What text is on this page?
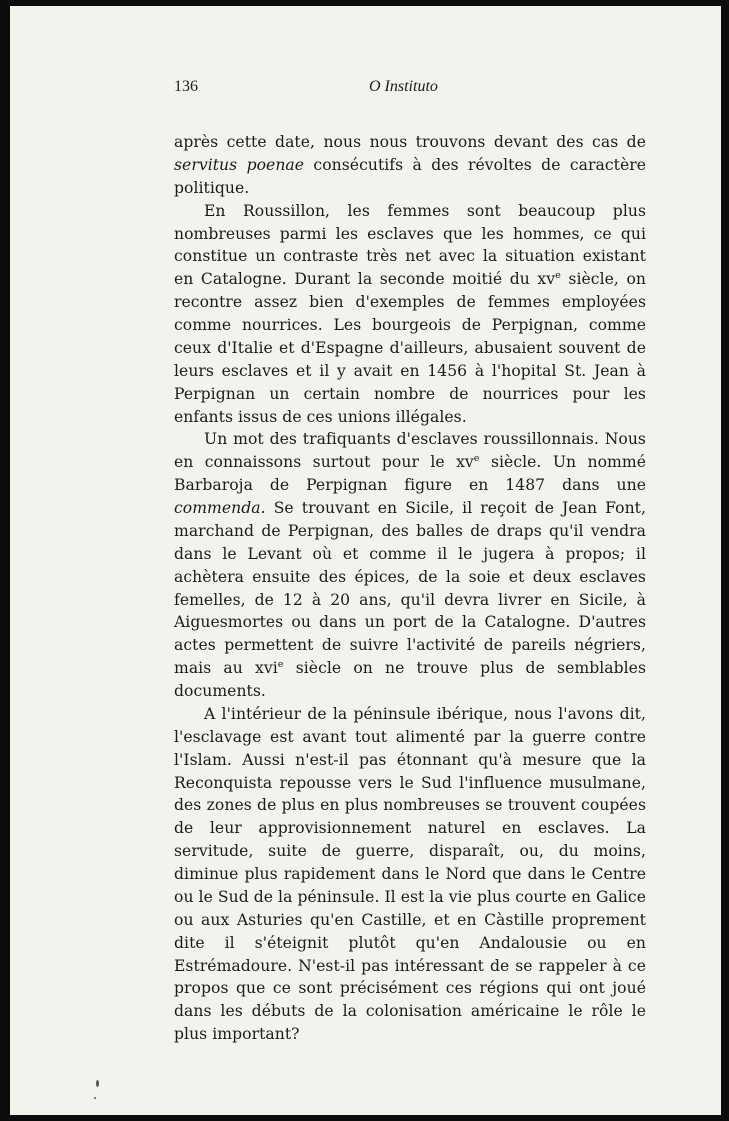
136	O Instituto

après cette date, nous nous trouvons devant des cas de servitus poenae consécutifs à des révoltes de caractère politique.

En Roussillon, les femmes sont beaucoup plus nombreuses parmi les esclaves que les hommes, ce qui constitue un contraste très net avec la situation existant en Catalogne. Durant la seconde moitié du $xv^e$ siècle, on recontre assez bien d'exemples de femmes employées comme nourrices. Les bourgeois de Perpignan, comme ceux d'Italie et d'Espagne d'ailleurs, abusaient souvent de leurs esclaves et il y avait en 1456 à l'hopital St. Jean à Perpignan un certain nombre de nourrices pour les enfants issus de ces unions illégales.

Un mot des trafiquants d'esclaves roussillonnais. Nous en connaissons surtout pour le $xv^e$ siècle. Un nommé Barbaroja de Perpignan figure en 1487 dans une commenda. Se trouvant en Sicile, il reçoit de Jean Font, marchand de Perpignan, des balles de draps qu'il vendra dans le Levant où et comme il le jugera à propos; il achètera ensuite des épices, de la soie et deux esclaves femelles, de 12 à 20 ans, qu'il devra livrer en Sicile, à Aiguesmortes ou dans un port de la Catalogne. D'autres actes permettent de suivre l'activité de pareils négriers, mais au xvi$^e$ siècle on ne trouve plus de semblables documents.

A l'intérieur de la péninsule ibérique, nous l'avons dit, l'esclavage est avant tout alimenté par la guerre contre l'Islam. Aussi n'est-il pas étonnant qu'à mesure que la Reconquista repousse vers le Sud l'influence musulmane, des zones de plus en plus nombreuses se trouvent coupées de leur approvisionnement naturel en esclaves. La servitude, suite de guerre, disparaît, ou, du moins, diminue plus rapidement dans le Nord que dans le Centre ou le Sud de la péninsule. Il est la vie plus courte en Galice ou aux Asturies qu'en Castille, et en Càstille proprement dite il s'éteignit plutôt qu'en Andalousie ou en Estrémadoure. N'est-il pas intéressant de se rappeler à ce propos que ce sont précisément ces régions qui ont joué dans les débuts de la colonisation américaine le rôle le plus important?
